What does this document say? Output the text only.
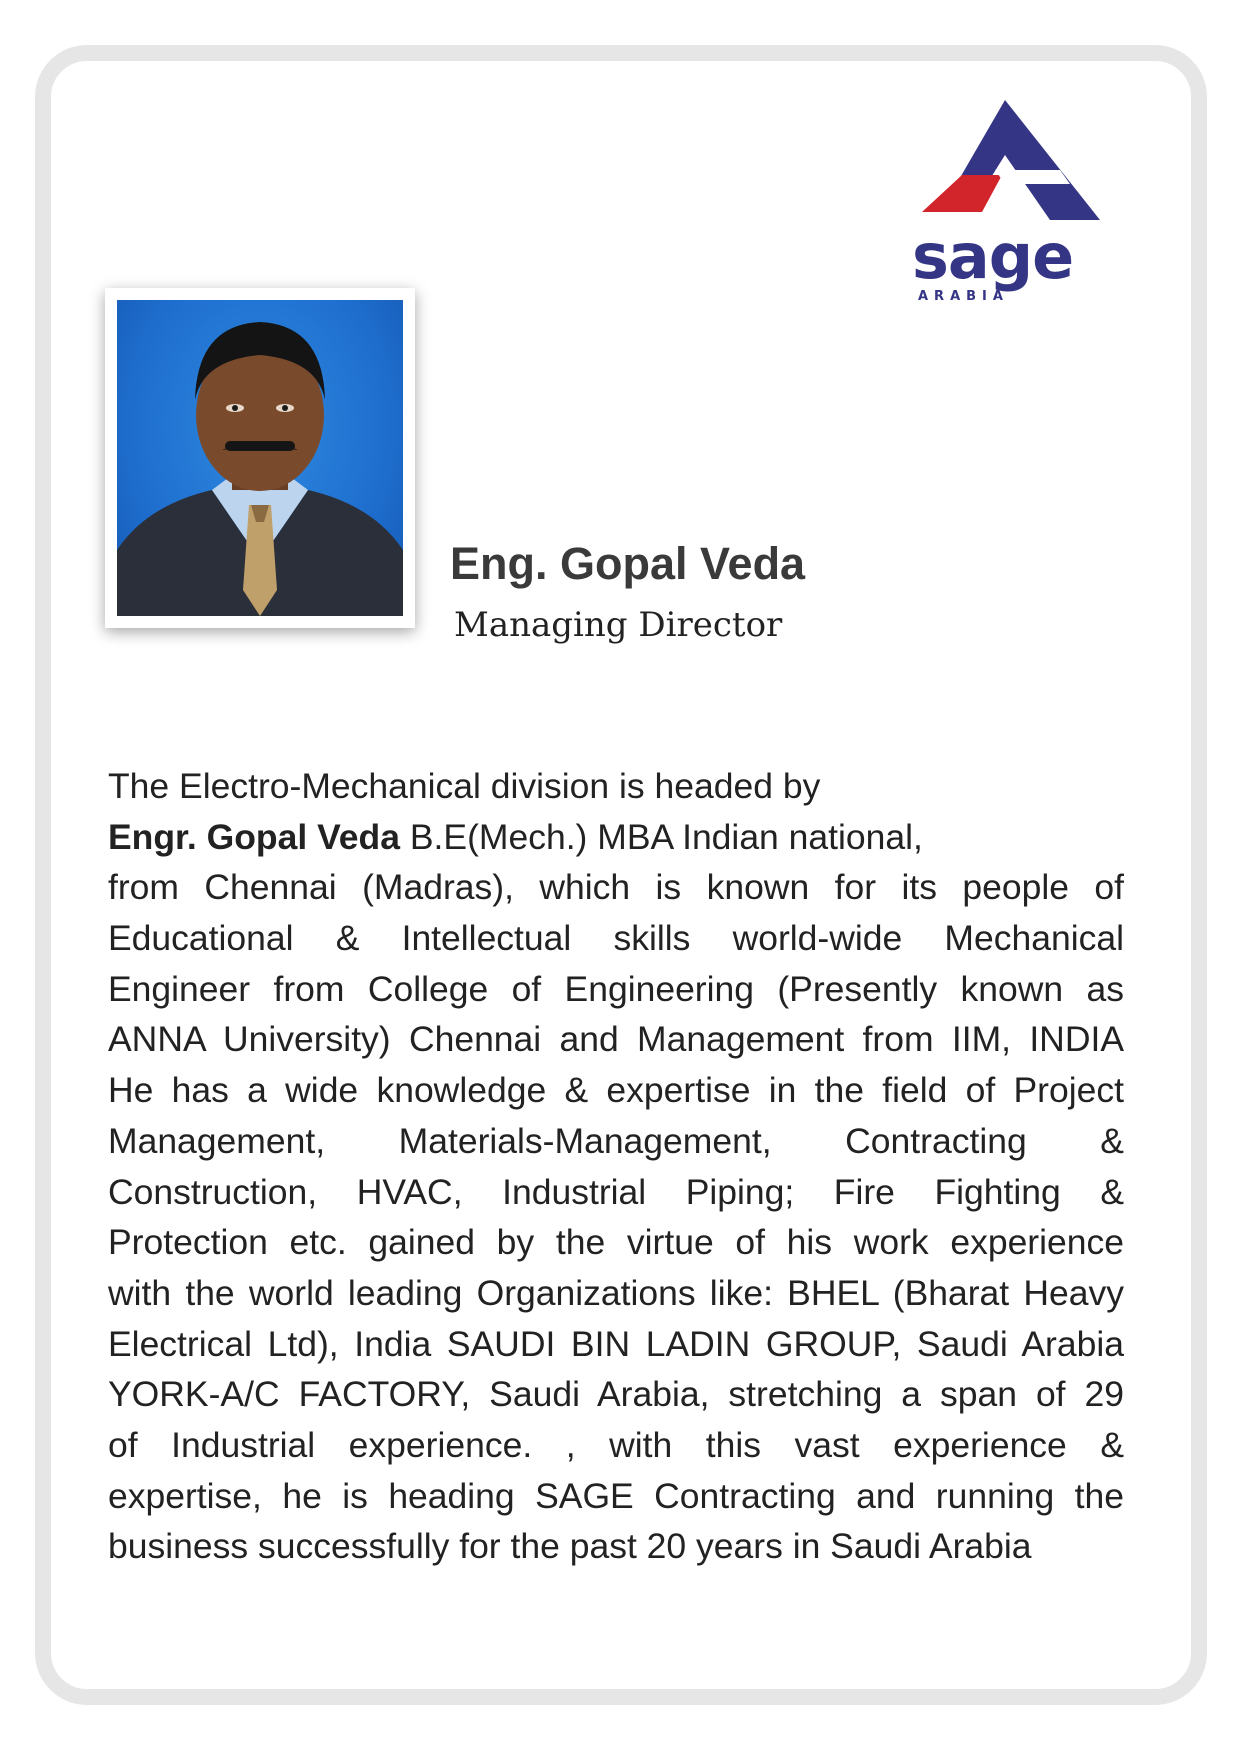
sage
ARABIA
Eng. Gopal Veda
Managing Director
The Electro-Mechanical division is headed by
Engr. Gopal Veda B.E(Mech.) MBA Indian national,
from Chennai (Madras), which is known for its people of
Educational & Intellectual skills world-wide Mechanical
Engineer from College of Engineering (Presently known as
ANNA University) Chennai and Management from IIM, INDIA
He has a wide knowledge & expertise in the field of Project
Management, Materials-Management, Contracting &
Construction, HVAC, Industrial Piping; Fire Fighting &
Protection etc. gained by the virtue of his work experience
with the world leading Organizations like: BHEL (Bharat Heavy
Electrical Ltd), India SAUDI BIN LADIN GROUP, Saudi Arabia
YORK-A/C FACTORY, Saudi Arabia, stretching a span of 29
of Industrial experience. , with this vast experience &
expertise, he is heading SAGE Contracting and running the
business successfully for the past 20 years in Saudi Arabia
